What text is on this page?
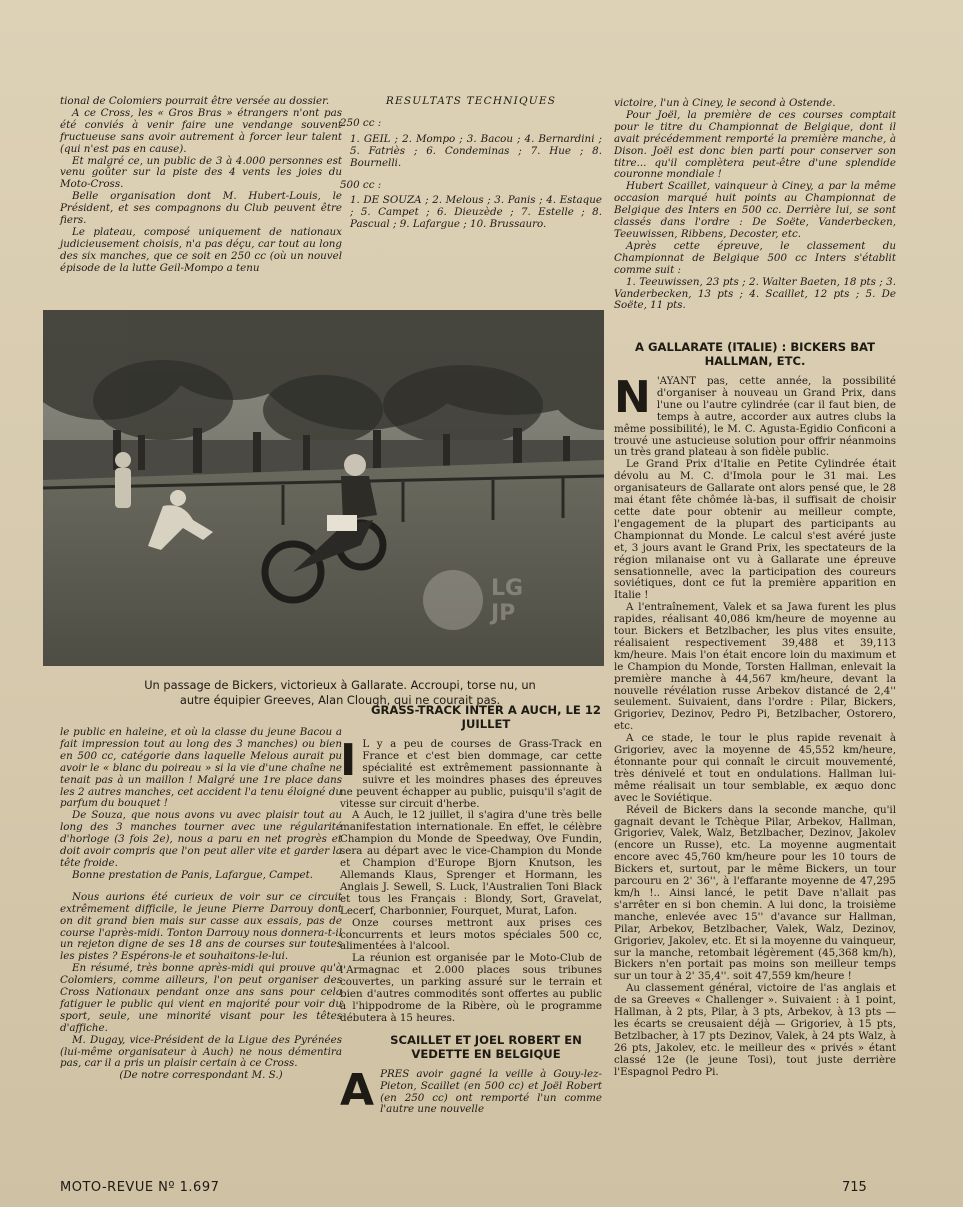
tional de Colomiers pourrait être versée au dossier.

A ce Cross, les « Gros Bras » étrangers n'ont pas été conviés à venir faire une vendange souvent fructueuse sans avoir autrement à forcer leur talent (qui n'est pas en cause).

Et malgré ce, un public de 3 à 4.000 personnes est venu goûter sur la piste des 4 vents les joies du Moto-Cross.

Belle organisation dont M. Hubert-Louis, le Président, et ses compagnons du Club peuvent être fiers.

Le plateau, composé uniquement de nationaux judicieusement choisis, n'a pas déçu, car tout au long des six manches, que ce soit en 250 cc (où un nouvel épisode de la lutte Geil-Mompo a tenu

RESULTATS TECHNIQUES
250 cc :
1. GEIL ; 2. Mompo ; 3. Bacou ; 4. Bernardini ; 5. Fatriès ; 6. Condeminas ; 7. Hue ; 8. Bournelli.
500 cc :
1. DE SOUZA ; 2. Melous ; 3. Panis ; 4. Estaque ; 5. Campet ; 6. Dieuzède ; 7. Estelle ; 8. Pascual ; 9. Lafargue ; 10. Brussauro.

victoire, l'un à Ciney, le second à Ostende.

Pour Joël, la première de ces courses comptait pour le titre du Championnat de Belgique, dont il avait précédemment remporté la première manche, à Dison. Joël est donc bien parti pour conserver son titre... qu'il complètera peut-être d'une splendide couronne mondiale !

Hubert Scaillet, vainqueur à Ciney, a par la même occasion marqué huit points au Championnat de Belgique des Inters en 500 cc. Derrière lui, se sont classés dans l'ordre : De Soëte, Vanderbecken, Teeuwissen, Ribbens, Decoster, etc.

Après cette épreuve, le classement du Championnat de Belgique 500 cc Inters s'établit comme suit :

1. Teeuwissen, 23 pts ; 2. Walter Baeten, 18 pts ; 3. Vanderbecken, 13 pts ; 4. Scaillet, 12 pts ; 5. De Soëte, 11 pts.

LG
JP
Un passage de Bickers, victorieux à Gallarate. Accroupi, torse nu, un autre équipier Greeves, Alan Clough, qui ne courait pas.
A GALLARATE (ITALIE) : BICKERS BAT HALLMAN, ETC.

N 'AYANT pas, cette année, la possibilité d'organiser à nouveau un Grand Prix, dans l'une ou l'autre cylindrée (car il faut bien, de temps à autre, accorder aux autres clubs la même possibilité), le M. C. Agusta-Egidio Conficoni a trouvé une astucieuse solution pour offrir néanmoins un très grand plateau à son fidèle public.

Le Grand Prix d'Italie en Petite Cylindrée était dévolu au M. C. d'Imola pour le 31 mai. Les organisateurs de Gallarate ont alors pensé que, le 28 mai étant fête chômée là-bas, il suffisait de choisir cette date pour obtenir au meilleur compte, l'engagement de la plupart des participants au Championnat du Monde. Le calcul s'est avéré juste et, 3 jours avant le Grand Prix, les spectateurs de la région milanaise ont vu à Gallarate une épreuve sensationnelle, avec la participation des coureurs soviétiques, dont ce fut la première apparition en Italie !

A l'entraînement, Valek et sa Jawa furent les plus rapides, réalisant 40,086 km/heure de moyenne au tour. Bickers et Betzlbacher, les plus vites ensuite, réalisaient respectivement 39,488 et 39,113 km/heure. Mais l'on était encore loin du maximum et le Champion du Monde, Torsten Hallman, enlevait la première manche à 44,567 km/heure, devant la nouvelle révélation russe Arbekov distancé de 2,4'' seulement. Suivaient, dans l'ordre : Pilar, Bickers, Grigoriev, Dezinov, Pedro Pi, Betzlbacher, Ostorero, etc.

A ce stade, le tour le plus rapide revenait à Grigoriev, avec la moyenne de 45,552 km/heure, étonnante pour qui connaît le circuit mouvementé, très dénivelé et tout en ondulations. Hallman lui-même réalisait un tour semblable, ex æquo donc avec le Soviétique.

Réveil de Bickers dans la seconde manche, qu'il gagnait devant le Tchèque Pilar, Arbekov, Hallman, Grigoriev, Valek, Walz, Betzlbacher, Dezinov, Jakolev (encore un Russe), etc. La moyenne augmentait encore avec 45,760 km/heure pour les 10 tours de Bickers et, surtout, par le même Bickers, un tour parcouru en 2' 36'', à l'effarante moyenne de 47,295 km/h !.. Ainsi lancé, le petit Dave n'allait pas s'arrêter en si bon chemin. A lui donc, la troisième manche, enlevée avec 15'' d'avance sur Hallman, Pilar, Arbekov, Betzlbacher, Valek, Walz, Dezinov, Grigoriev, Jakolev, etc. Et si la moyenne du vainqueur, sur la manche, retombait légèrement (45,368 km/h), Bickers n'en portait pas moins son meilleur temps sur un tour à 2' 35,4''. soit 47,559 km/heure !

Au classement général, victoire de l'as anglais et de sa Greeves « Challenger ». Suivaient : à 1 point, Hallman, à 2 pts, Pilar, à 3 pts, Arbekov, à 13 pts — les écarts se creusaient déjà — Grigoriev, à 15 pts, Betzlbacher, à 17 pts Dezinov, Valek, à 24 pts Walz, à 26 pts, Jakolev, etc. le meilleur des « privés » étant classé 12e (le jeune Tosi), tout juste derrière l'Espagnol Pedro Pi.

le public en haleine, et où la classe du jeune Bacou a fait impression tout au long des 3 manches) ou bien en 500 cc, catégorie dans laquelle Melous aurait pu avoir le « blanc du poireau » si la vie d'une chaîne ne tenait pas à un maillon ! Malgré une 1re place dans les 2 autres manches, cet accident l'a tenu éloigné du parfum du bouquet !

De Souza, que nous avons vu avec plaisir tout au long des 3 manches tourner avec une régularité d'horloge (3 fois 2e), nous a paru en net progrès et doit avoir compris que l'on peut aller vite et garder la tête froide.

Bonne prestation de Panis, Lafargue, Campet.

Nous aurions été curieux de voir sur ce circuit extrêmement difficile, le jeune Pierre Darrouy dont on dit grand bien mais sur casse aux essais, pas de course l'après-midi. Tonton Darrouy nous donnera-t-il un rejeton digne de ses 18 ans de courses sur toutes les pistes ? Espérons-le et souhaitons-le-lui.

En résumé, très bonne après-midi qui prouve qu'à Colomiers, comme ailleurs, l'on peut organiser des Cross Nationaux pendant onze ans sans pour cela fatiguer le public qui vient en majorité pour voir du sport, seule, une minorité visant pour les têtes d'affiche.

M. Dugay, vice-Président de la Ligue des Pyrénées (lui-même organisateur à Auch) ne nous démentira pas, car il a pris un plaisir certain à ce Cross.

(De notre correspondant M. S.)

GRASS-TRACK INTER A AUCH, LE 12 JUILLET

I L y a peu de courses de Grass-Track en France et c'est bien dommage, car cette spécialité est extrêmement passionnante à suivre et les moindres phases des épreuves ne peuvent échapper au public, puisqu'il s'agit de vitesse sur circuit d'herbe.

A Auch, le 12 juillet, il s'agira d'une très belle manifestation internationale. En effet, le célèbre Champion du Monde de Speedway, Ove Fundin, sera au départ avec le vice-Champion du Monde et Champion d'Europe Bjorn Knutson, les Allemands Klaus, Sprenger et Hormann, les Anglais J. Sewell, S. Luck, l'Australien Toni Black et tous les Français : Blondy, Sort, Gravelat, Lecerf, Charbonnier, Fourquet, Murat, Lafon.

Onze courses mettront aux prises ces concurrents et leurs motos spéciales 500 cc, alimentées à l'alcool.

La réunion est organisée par le Moto-Club de l'Armagnac et 2.000 places sous tribunes couvertes, un parking assuré sur le terrain et bien d'autres commodités sont offertes au public à l'hippodrome de la Ribère, où le programme débutera à 15 heures.

SCAILLET ET JOEL ROBERT EN VEDETTE EN BELGIQUE

APRES avoir gagné la veille à Gouy-lez-Pieton, Scaillet (en 500 cc) et Joël Robert (en 250 cc) ont remporté l'un comme l'autre une nouvelle

MOTO-REVUE Nº 1.697	715
